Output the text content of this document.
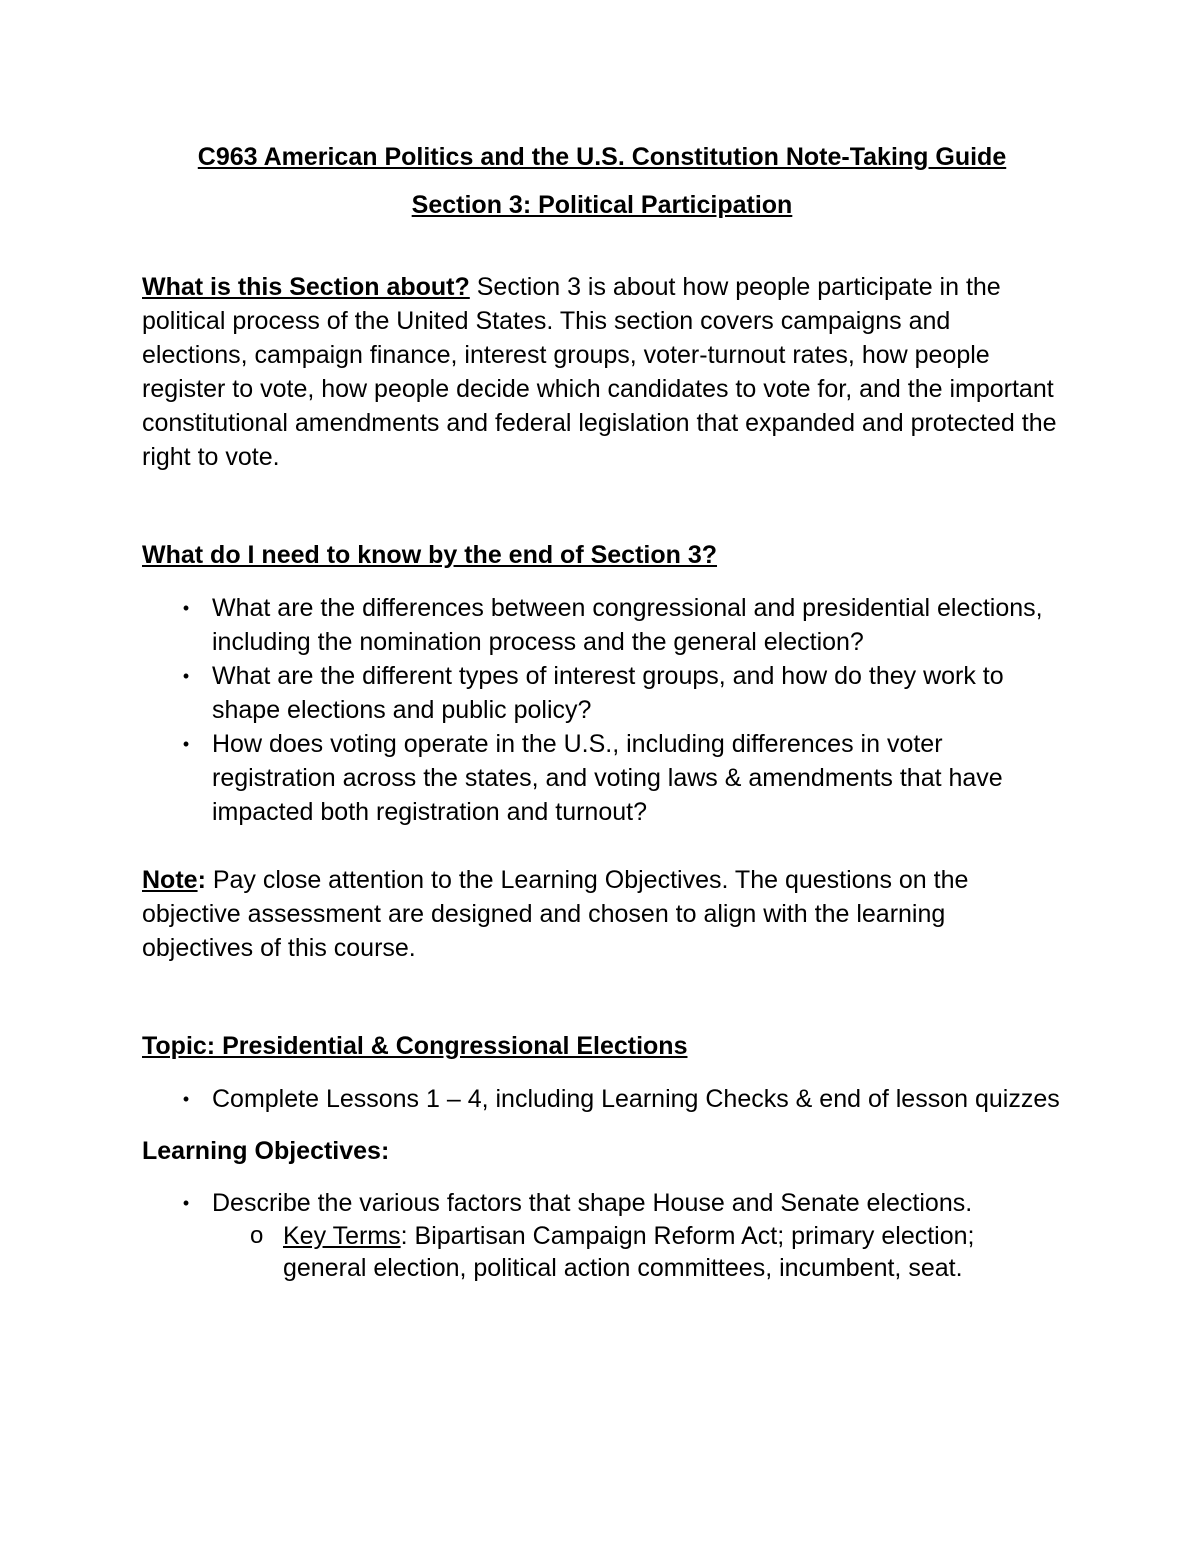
C963 American Politics and the U.S. Constitution Note-Taking Guide
Section 3: Political Participation

What is this Section about? Section 3 is about how people participate in the political process of the United States. This section covers campaigns and elections, campaign finance, interest groups, voter-turnout rates, how people register to vote, how people decide which candidates to vote for, and the important constitutional amendments and federal legislation that expanded and protected the right to vote.

What do I need to know by the end of Section 3?

• What are the differences between congressional and presidential elections, including the nomination process and the general election?
• What are the different types of interest groups, and how do they work to shape elections and public policy?
• How does voting operate in the U.S., including differences in voter registration across the states, and voting laws & amendments that have impacted both registration and turnout?

Note: Pay close attention to the Learning Objectives. The questions on the objective assessment are designed and chosen to align with the learning objectives of this course.

Topic: Presidential & Congressional Elections

• Complete Lessons 1 – 4, including Learning Checks & end of lesson quizzes

Learning Objectives:

• Describe the various factors that shape House and Senate elections.
o Key Terms: Bipartisan Campaign Reform Act; primary election; general election, political action committees, incumbent, seat.
